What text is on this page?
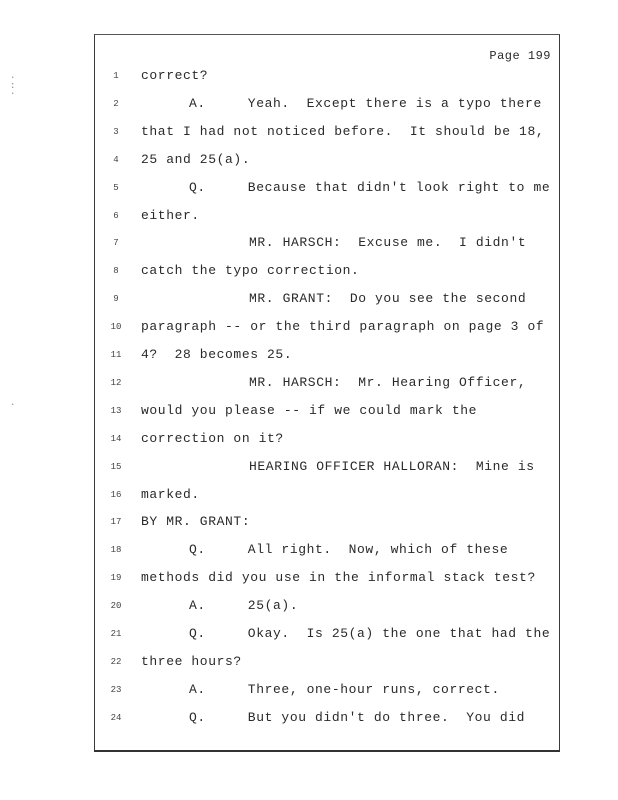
·
:
·
·
Page 199
1 correct?
2	A.     Yeah.  Except there is a typo there
3 that I had not noticed before.  It should be 18,
4 25 and 25(a).
5	Q.     Because that didn't look right to me
6 either.
7	MR. HARSCH:  Excuse me.  I didn't
8 catch the typo correction.
9	MR. GRANT:  Do you see the second
10 paragraph -- or the third paragraph on page 3 of
11 4?  28 becomes 25.
12	MR. HARSCH:  Mr. Hearing Officer,
13 would you please -- if we could mark the
14 correction on it?
15	HEARING OFFICER HALLORAN:  Mine is
16 marked.
17 BY MR. GRANT:
18	Q.     All right.  Now, which of these
19 methods did you use in the informal stack test?
20	A.     25(a).
21	Q.     Okay.  Is 25(a) the one that had the
22 three hours?
23	A.     Three, one-hour runs, correct.
24	Q.     But you didn't do three.  You did
